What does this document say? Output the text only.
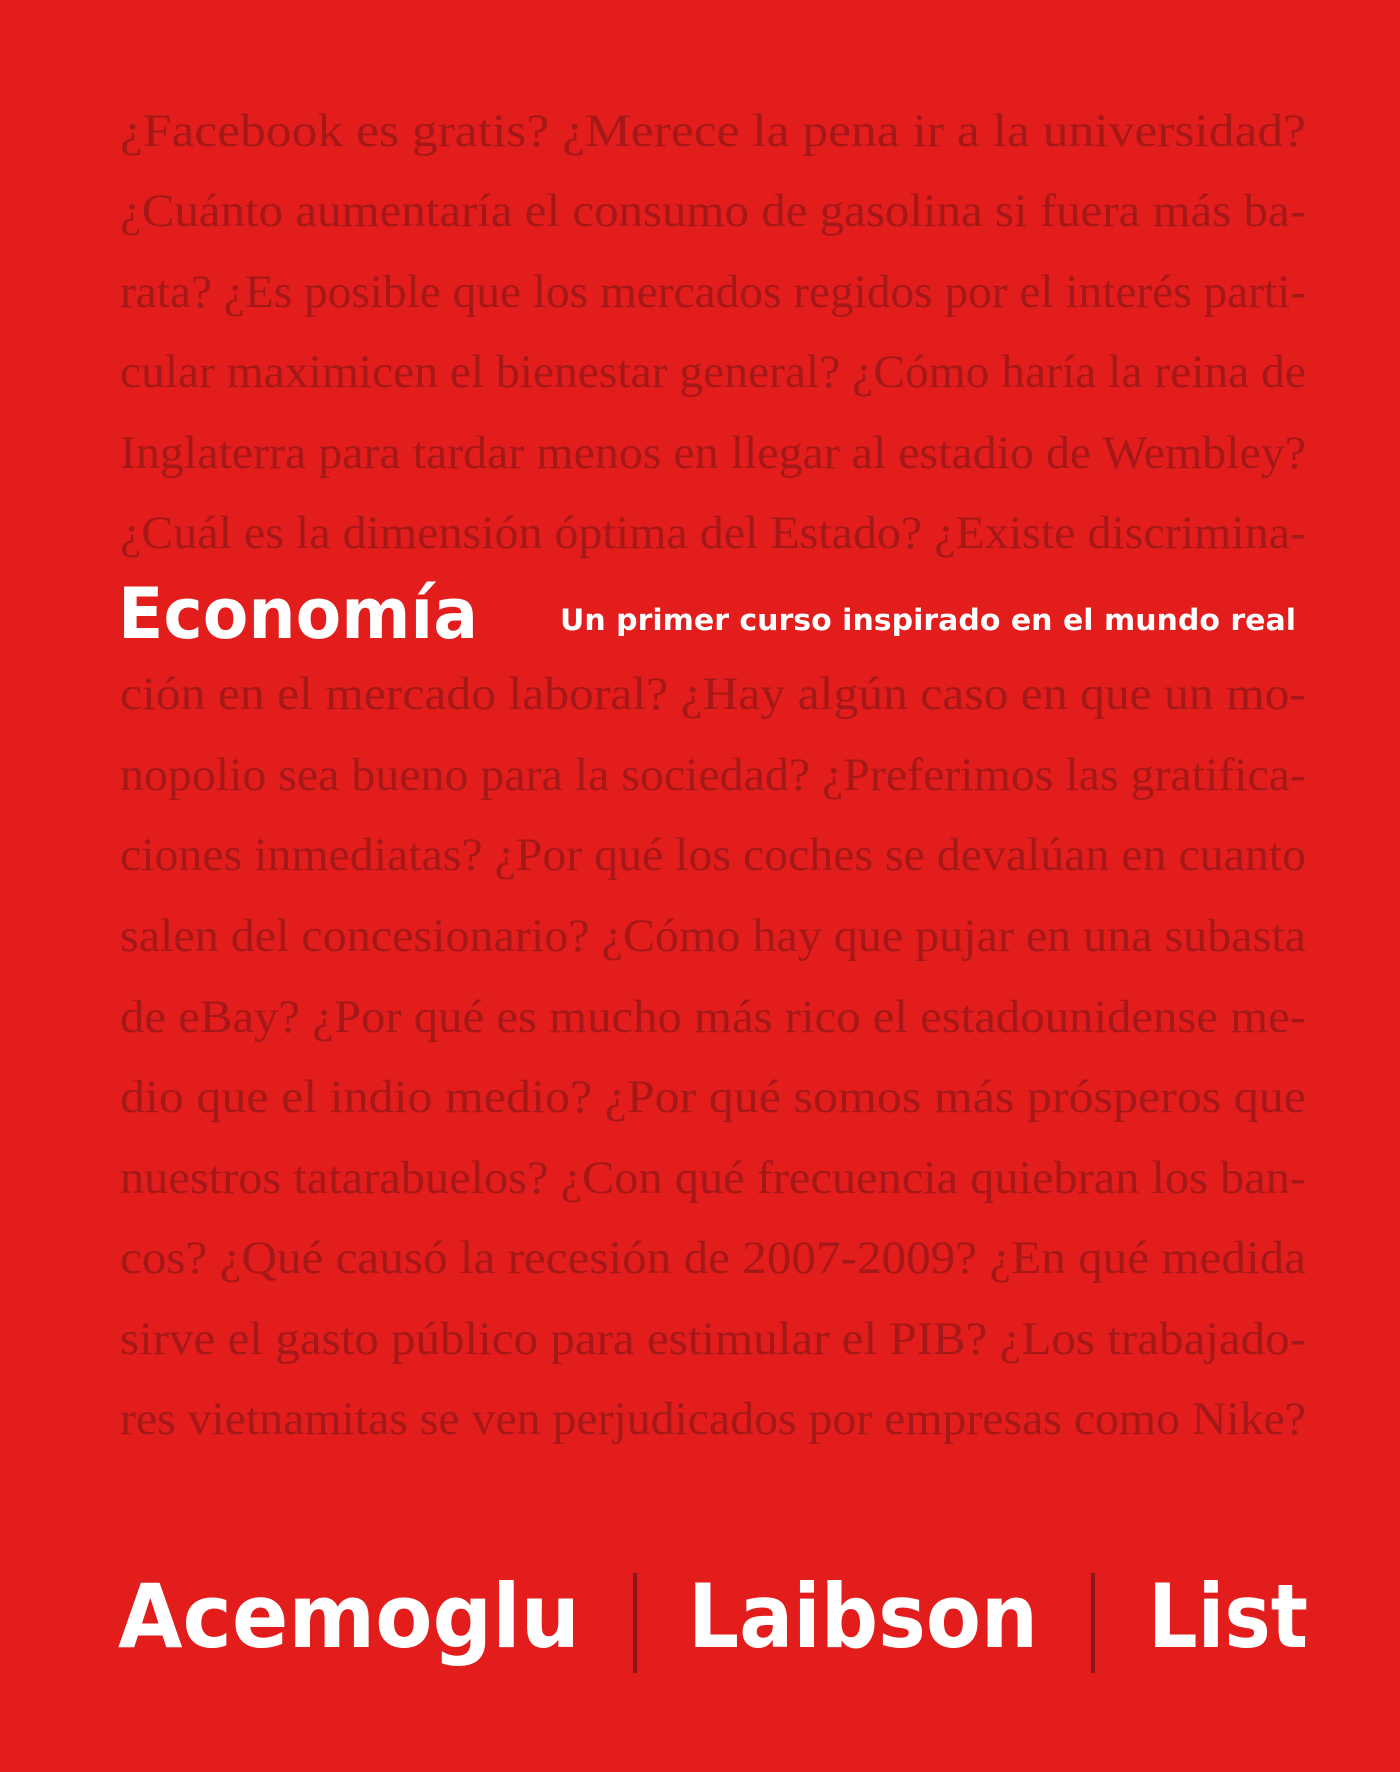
¿Facebook es gratis? ¿Merece la pena ir a la universidad?
¿Cuánto aumentaría el consumo de gasolina si fuera más ba-
rata? ¿Es posible que los mercados regidos por el interés parti-
cular maximicen el bienestar general? ¿Cómo haría la reina de
Inglaterra para tardar menos en llegar al estadio de Wembley?
¿Cuál es la dimensión óptima del Estado? ¿Existe discrimina-
Economía	Un primer curso inspirado en el mundo real
ción en el mercado laboral? ¿Hay algún caso en que un mo-
nopolio sea bueno para la sociedad? ¿Preferimos las gratifica-
ciones inmediatas? ¿Por qué los coches se devalúan en cuanto
salen del concesionario? ¿Cómo hay que pujar en una subasta
de eBay? ¿Por qué es mucho más rico el estadounidense me-
dio que el indio medio? ¿Por qué somos más prósperos que
nuestros tatarabuelos? ¿Con qué frecuencia quiebran los ban-
cos? ¿Qué causó la recesión de 2007-2009? ¿En qué medida
sirve el gasto público para estimular el PIB? ¿Los trabajado-
res vietnamitas se ven perjudicados por empresas como Nike?
Acemoglu Laibson List
